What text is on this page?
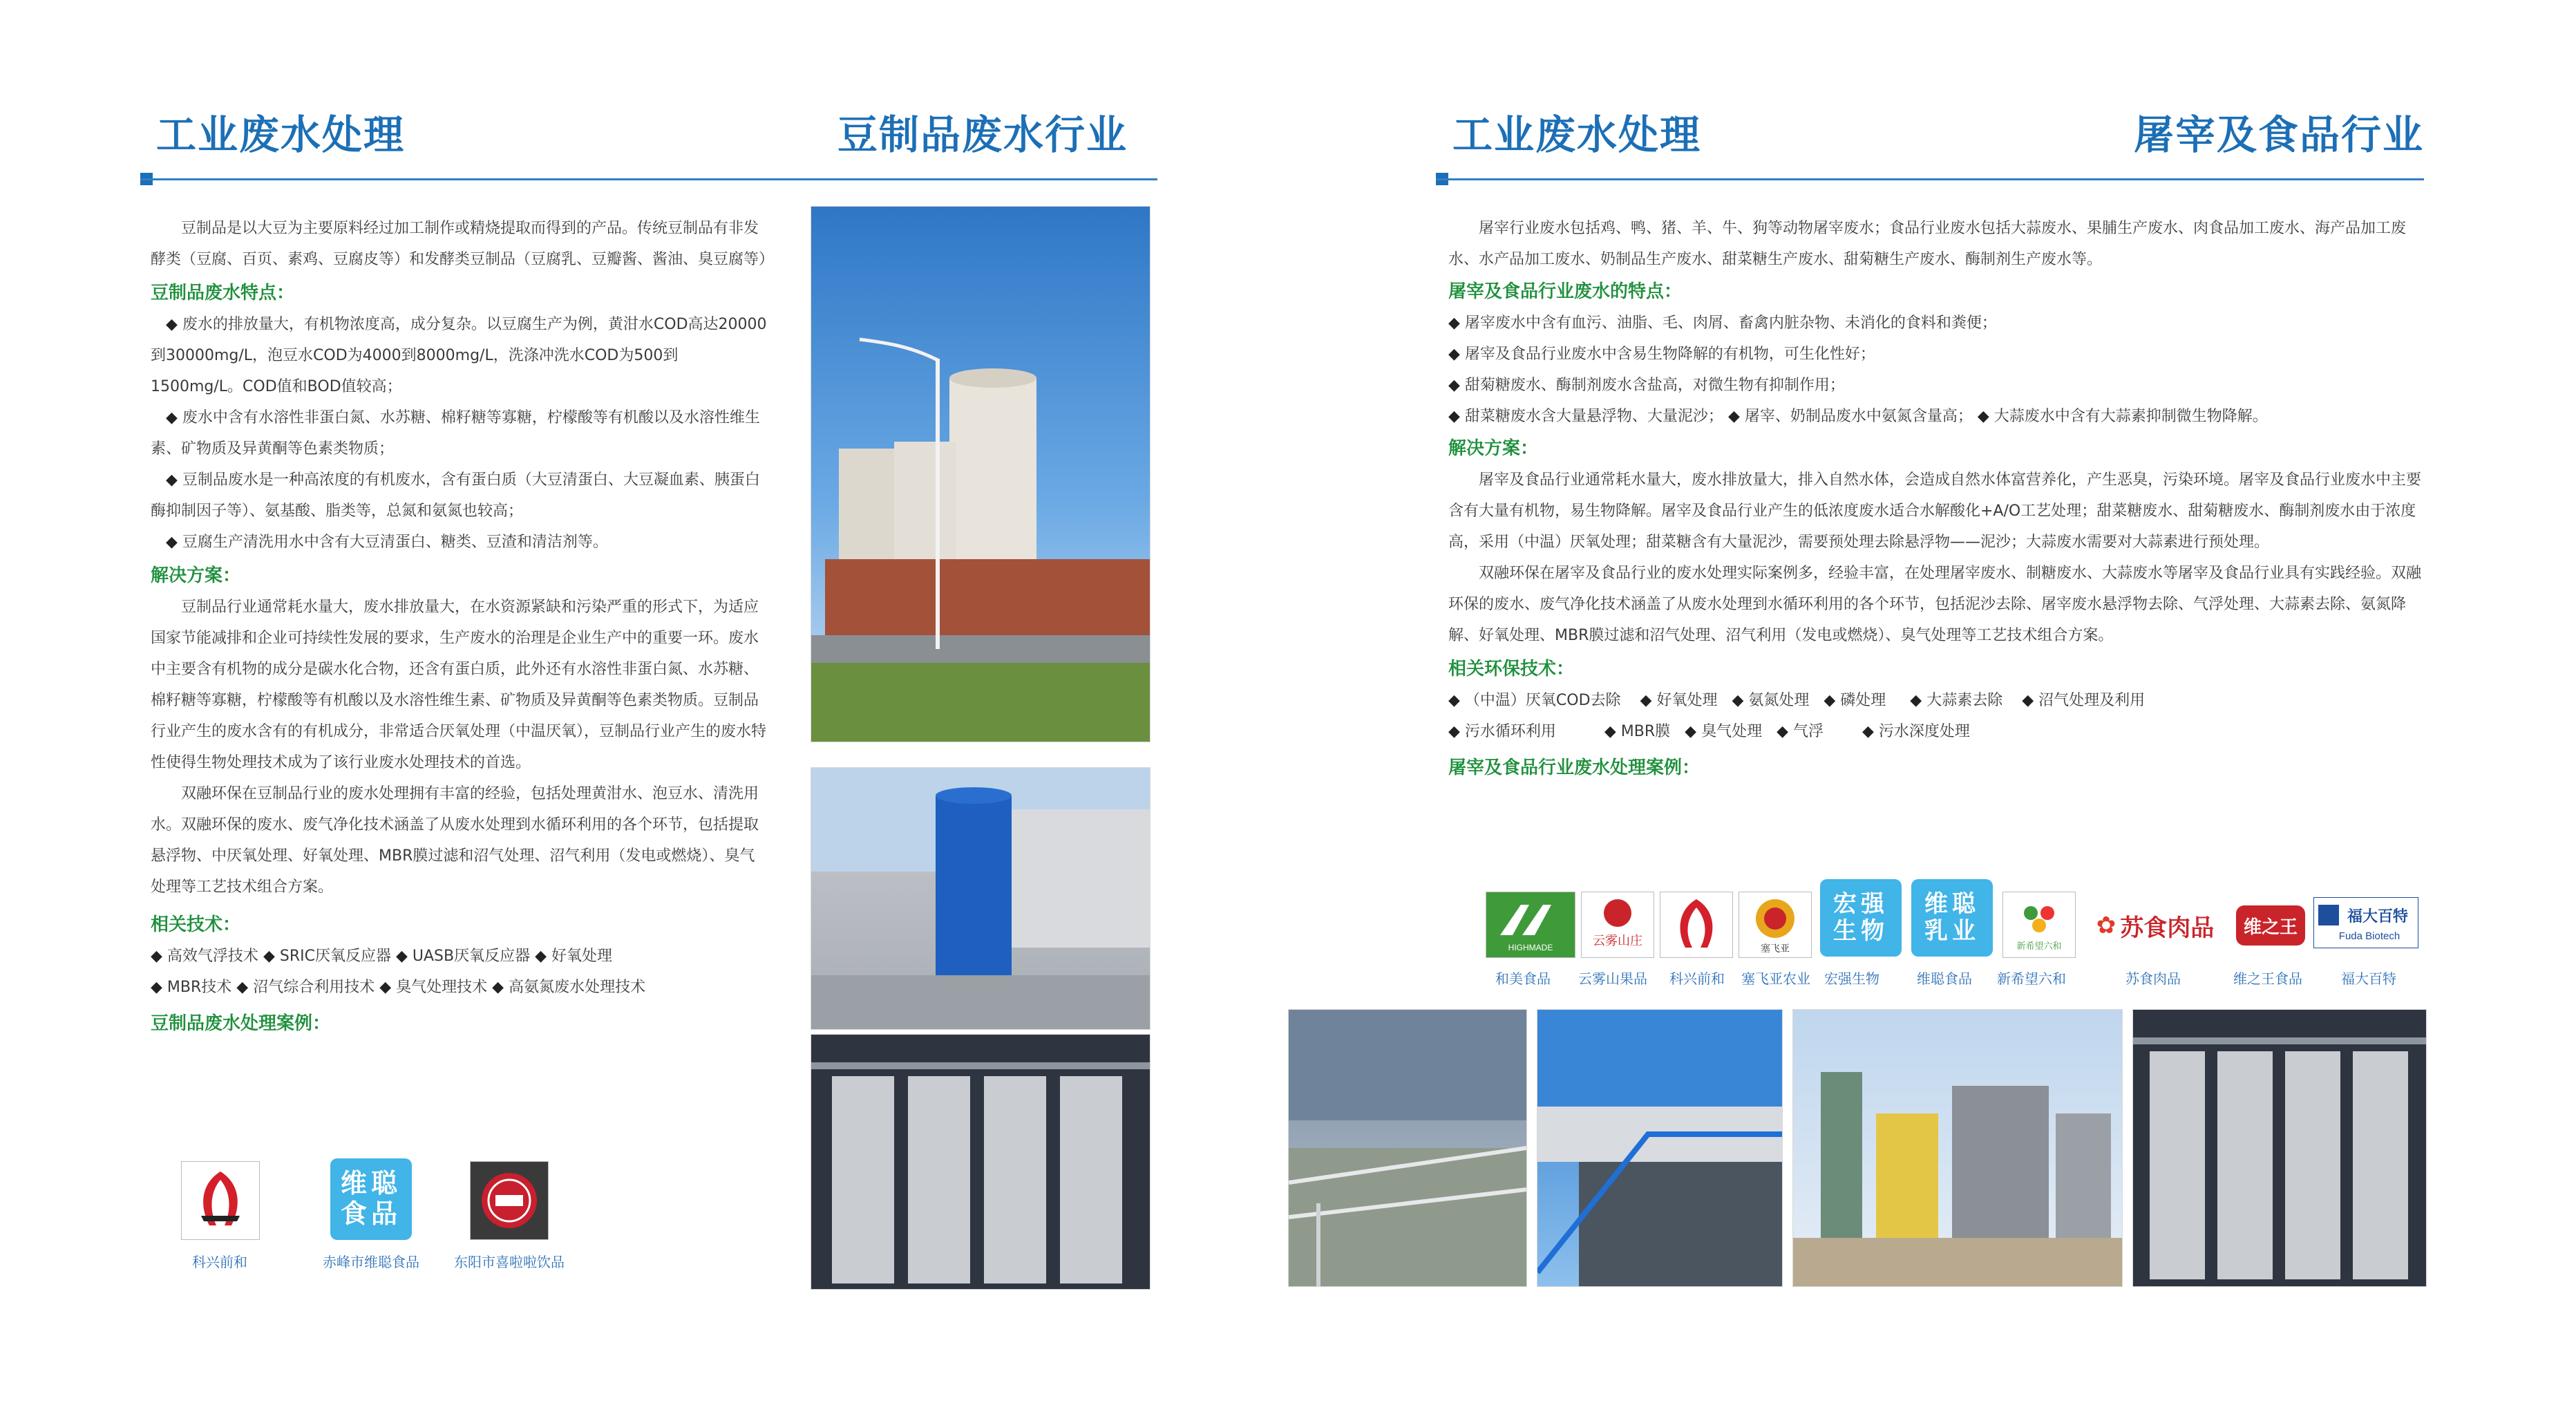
工业废水处理	豆制品废水行业

豆制品是以大豆为主要原料经过加工制作或精烧提取而得到的产品。传统豆制品有非发酵类（豆腐、百页、素鸡、豆腐皮等）和发酵类豆制品（豆腐乳、豆瓣酱、酱油、臭豆腐等）

豆制品废水特点：

◆ 废水的排放量大，有机物浓度高，成分复杂。以豆腐生产为例，黄泔水COD高达20000到30000mg/L，泡豆水COD为4000到8000mg/L，洗涤冲洗水COD为500到1500mg/L。COD值和BOD值较高；

◆ 废水中含有水溶性非蛋白氮、水苏糖、棉籽糖等寡糖，柠檬酸等有机酸以及水溶性维生素、矿物质及异黄酮等色素类物质；

◆ 豆制品废水是一种高浓度的有机废水，含有蛋白质（大豆清蛋白、大豆凝血素、胰蛋白酶抑制因子等）、氨基酸、脂类等，总氮和氨氮也较高；

◆ 豆腐生产清洗用水中含有大豆清蛋白、糖类、豆渣和清洁剂等。

解决方案：

豆制品行业通常耗水量大，废水排放量大，在水资源紧缺和污染严重的形式下，为适应国家节能减排和企业可持续性发展的要求，生产废水的治理是企业生产中的重要一环。废水中主要含有机物的成分是碳水化合物，还含有蛋白质，此外还有水溶性非蛋白氮、水苏糖、棉籽糖等寡糖，柠檬酸等有机酸以及水溶性维生素、矿物质及异黄酮等色素类物质。豆制品行业产生的废水含有的有机成分，非常适合厌氧处理（中温厌氧），豆制品行业产生的废水特性使得生物处理技术成为了该行业废水处理技术的首选。

双融环保在豆制品行业的废水处理拥有丰富的经验，包括处理黄泔水、泡豆水、清洗用水。双融环保的废水、废气净化技术涵盖了从废水处理到水循环利用的各个环节，包括提取悬浮物、中厌氧处理、好氧处理、MBR膜过滤和沼气处理、沼气利用（发电或燃烧）、臭气处理等工艺技术组合方案。

相关技术：

◆ 高效气浮技术 ◆ SRIC厌氧反应器 ◆ UASB厌氧反应器 ◆ 好氧处理

◆ MBR技术 ◆ 沼气综合利用技术 ◆ 臭气处理技术 ◆ 高氨氮废水处理技术

豆制品废水处理案例：
科兴前和
维聪
食品
赤峰市维聪食品	东阳市喜啦啦饮品
工业废水处理	屠宰及食品行业

屠宰行业废水包括鸡、鸭、猪、羊、牛、狗等动物屠宰废水；食品行业废水包括大蒜废水、果脯生产废水、肉食品加工废水、海产品加工废水、水产品加工废水、奶制品生产废水、甜菜糖生产废水、甜菊糖生产废水、酶制剂生产废水等。

屠宰及食品行业废水的特点：

◆ 屠宰废水中含有血污、油脂、毛、肉屑、畜禽内脏杂物、未消化的食料和粪便；

◆ 屠宰及食品行业废水中含易生物降解的有机物，可生化性好；

◆ 甜菊糖废水、酶制剂废水含盐高，对微生物有抑制作用；

◆ 甜菜糖废水含大量悬浮物、大量泥沙； ◆ 屠宰、奶制品废水中氨氮含量高； ◆ 大蒜废水中含有大蒜素抑制微生物降解。

解决方案：

屠宰及食品行业通常耗水量大，废水排放量大，排入自然水体，会造成自然水体富营养化，产生恶臭，污染环境。屠宰及食品行业废水中主要含有大量有机物，易生物降解。屠宰及食品行业产生的低浓度废水适合水解酸化+A/O工艺处理；甜菜糖废水、甜菊糖废水、酶制剂废水由于浓度高，采用（中温）厌氧处理；甜菜糖含有大量泥沙，需要预处理去除悬浮物——泥沙；大蒜废水需要对大蒜素进行预处理。

双融环保在屠宰及食品行业的废水处理实际案例多，经验丰富，在处理屠宰废水、制糖废水、大蒜废水等屠宰及食品行业具有实践经验。双融环保的废水、废气净化技术涵盖了从废水处理到水循环利用的各个环节，包括泥沙去除、屠宰废水悬浮物去除、气浮处理、大蒜素去除、氨氮降解、好氧处理、MBR膜过滤和沼气处理、沼气利用（发电或燃烧）、臭气处理等工艺技术组合方案。

相关环保技术：

◆ （中温）厌氧COD去除 ◆ 好氧处理 ◆ 氨氮处理 ◆ 磷处理 ◆ 大蒜素去除 ◆ 沼气处理及利用

◆ 污水循环利用	◆ MBR膜 ◆ 臭气处理 ◆ 气浮	◆ 污水深度处理

屠宰及食品行业废水处理案例：
HIGHMADE
和美食品
云雾山庄
云雾山果品 科兴前和
塞飞亚
塞飞亚农业
宏强
生物
宏强生物
维聪
乳业
维聪食品
新希望六和
新希望六和
✿ 苏食肉品
苏食肉品
维之王
维之王食品
福大百特
Fuda Biotech
福大百特
